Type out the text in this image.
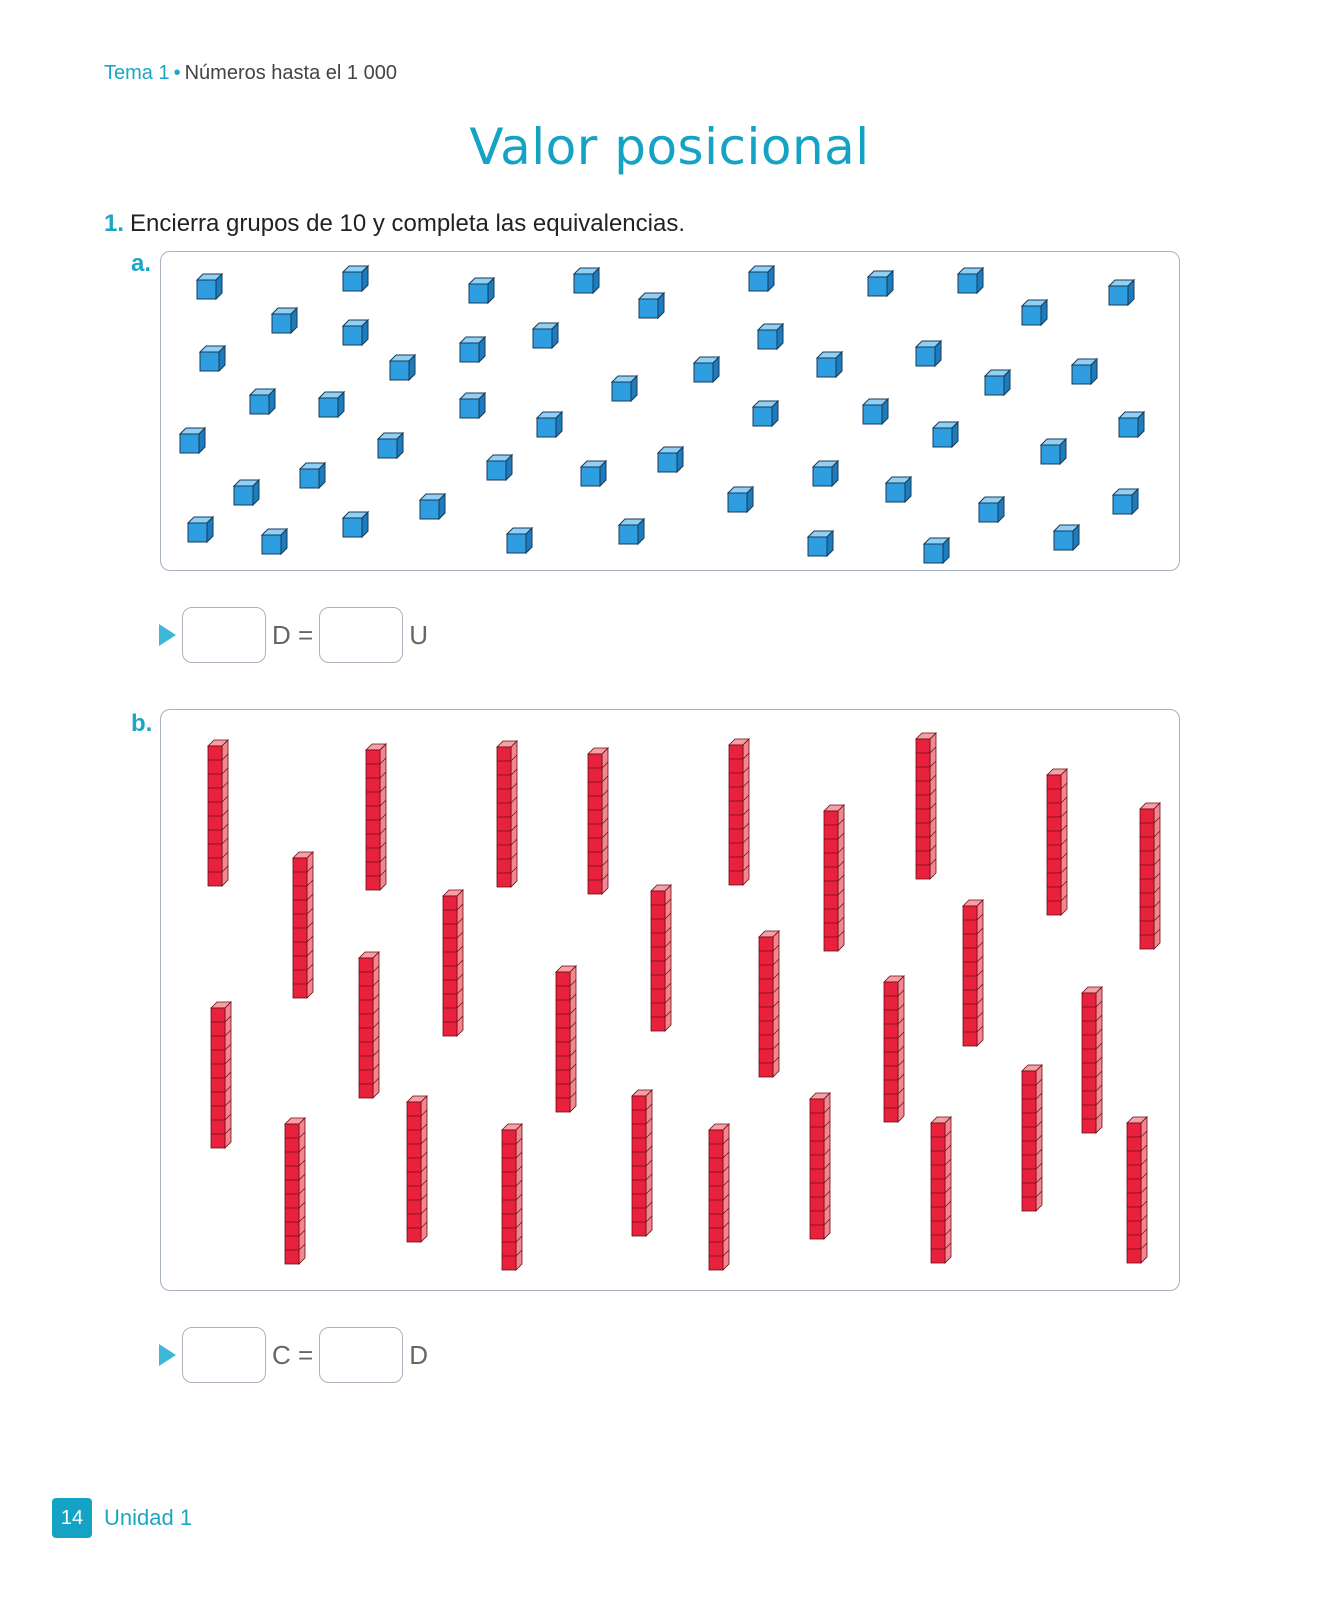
Tema 1 • Números hasta el 1 000
Valor posicional
1. Encierra grupos de 10 y completa las equivalencias.
a.
D =	U
b.
C =	D
14 Unidad 1
